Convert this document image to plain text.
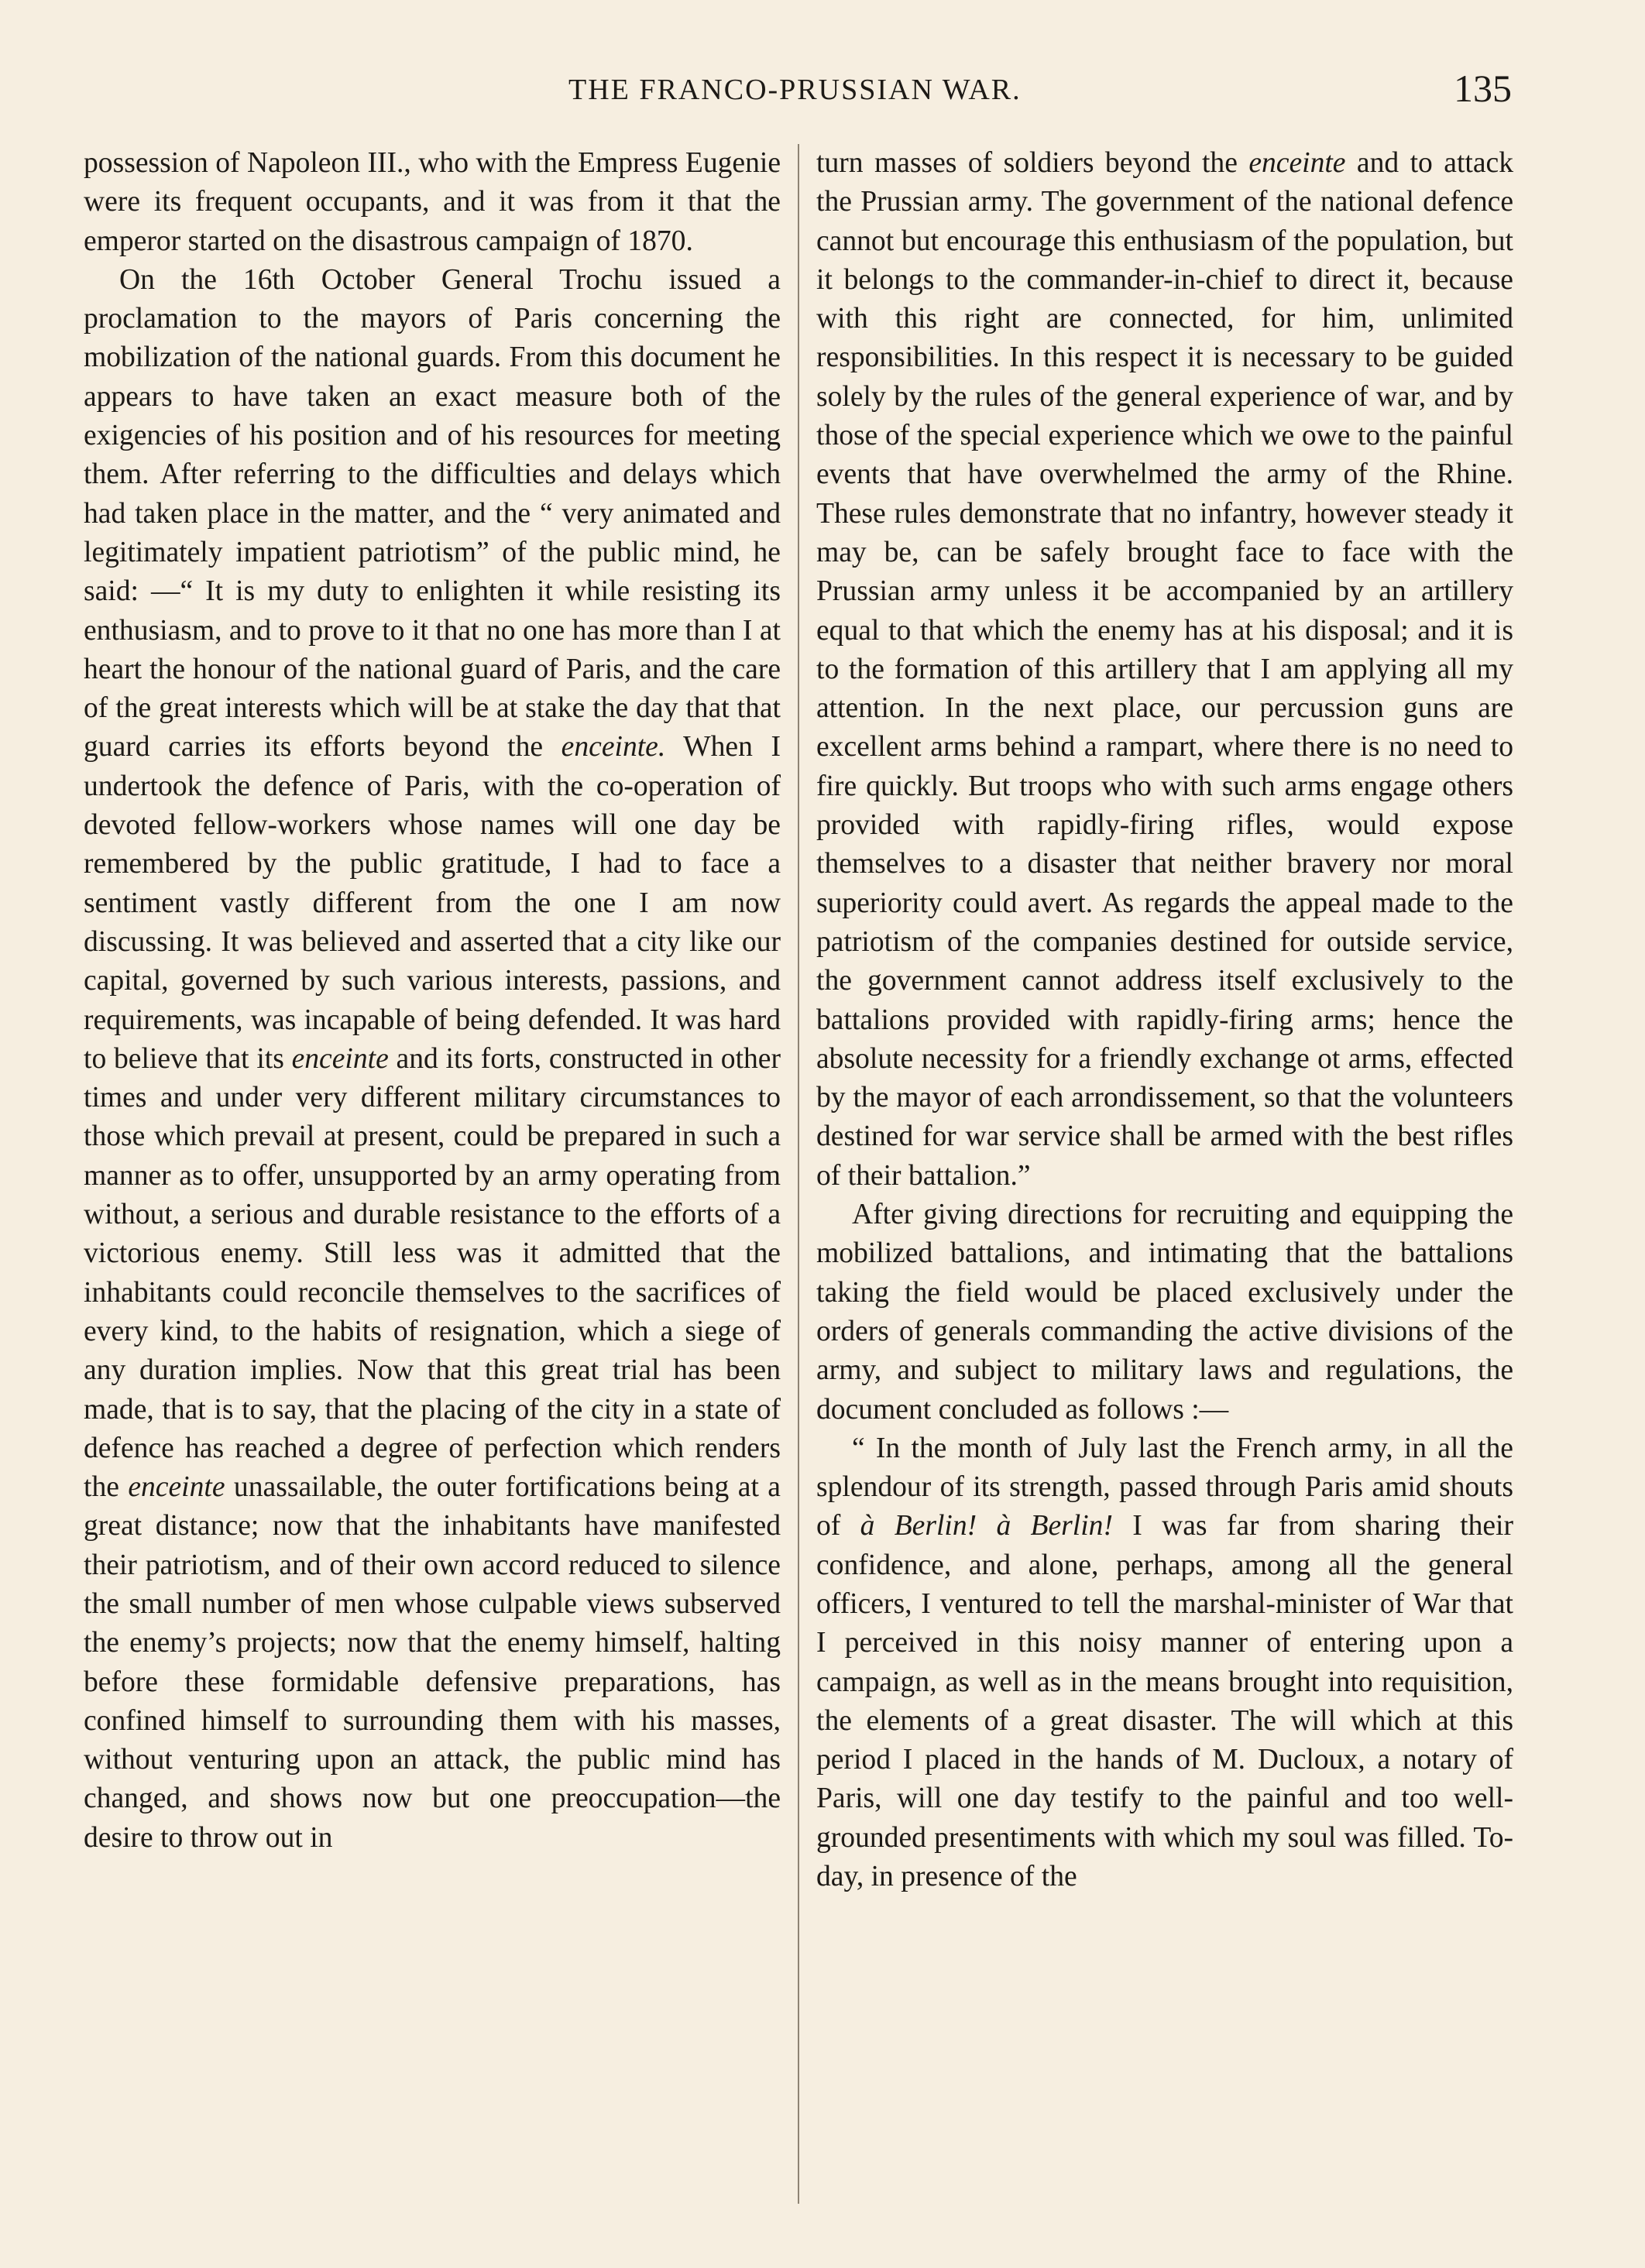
THE FRANCO-PRUSSIAN WAR.	135

possession of Napoleon III., who with the Empress Eugenie were its frequent occupants, and it was from it that the emperor started on the disastrous campaign of 1870.

On the 16th October General Trochu issued a proclamation to the mayors of Paris concerning the mobilization of the national guards. From this document he appears to have taken an exact measure both of the exigencies of his position and of his resources for meeting them. After referring to the difficulties and delays which had taken place in the matter, and the “ very animated and legitimately impatient patriotism” of the public mind, he said: —“ It is my duty to enlighten it while resisting its enthusiasm, and to prove to it that no one has more than I at heart the honour of the national guard of Paris, and the care of the great interests which will be at stake the day that that guard carries its efforts beyond the enceinte. When I undertook the defence of Paris, with the co-operation of devoted fellow-workers whose names will one day be remembered by the public gratitude, I had to face a sentiment vastly different from the one I am now discussing. It was believed and asserted that a city like our capital, governed by such various interests, passions, and requirements, was incapable of being defended. It was hard to believe that its enceinte and its forts, constructed in other times and under very different military circumstances to those which prevail at present, could be prepared in such a manner as to offer, unsupported by an army operating from without, a serious and durable resistance to the efforts of a victorious enemy. Still less was it admitted that the inhabitants could reconcile themselves to the sacrifices of every kind, to the habits of resignation, which a siege of any duration implies. Now that this great trial has been made, that is to say, that the placing of the city in a state of defence has reached a degree of perfection which renders the enceinte unassailable, the outer fortifications being at a great distance; now that the inhabitants have manifested their patriotism, and of their own accord reduced to silence the small number of men whose culpable views subserved the enemy’s projects; now that the enemy himself, halting before these formidable defensive preparations, has confined himself to surrounding them with his masses, without venturing upon an attack, the public mind has changed, and shows now but one preoccupation—the desire to throw out in

turn masses of soldiers beyond the enceinte and to attack the Prussian army. The government of the national defence cannot but encourage this enthusiasm of the population, but it belongs to the commander-in-chief to direct it, because with this right are connected, for him, unlimited responsibilities. In this respect it is necessary to be guided solely by the rules of the general experience of war, and by those of the special experience which we owe to the painful events that have overwhelmed the army of the Rhine. These rules demonstrate that no infantry, however steady it may be, can be safely brought face to face with the Prussian army unless it be accompanied by an artillery equal to that which the enemy has at his disposal; and it is to the formation of this artillery that I am applying all my attention. In the next place, our percussion guns are excellent arms behind a rampart, where there is no need to fire quickly. But troops who with such arms engage others provided with rapidly-firing rifles, would expose themselves to a disaster that neither bravery nor moral superiority could avert. As regards the appeal made to the patriotism of the companies destined for outside service, the government cannot address itself exclusively to the battalions provided with rapidly-firing arms; hence the absolute necessity for a friendly exchange ot arms, effected by the mayor of each arrondissement, so that the volunteers destined for war service shall be armed with the best rifles of their battalion.”

After giving directions for recruiting and equipping the mobilized battalions, and intimating that the battalions taking the field would be placed exclusively under the orders of generals commanding the active divisions of the army, and subject to military laws and regulations, the document concluded as follows :—

“ In the month of July last the French army, in all the splendour of its strength, passed through Paris amid shouts of à Berlin! à Berlin! I was far from sharing their confidence, and alone, perhaps, among all the general officers, I ventured to tell the marshal-minister of War that I perceived in this noisy manner of entering upon a campaign, as well as in the means brought into requisition, the elements of a great disaster. The will which at this period I placed in the hands of M. Ducloux, a notary of Paris, will one day testify to the painful and too well-grounded presentiments with which my soul was filled. To-day, in presence of the
